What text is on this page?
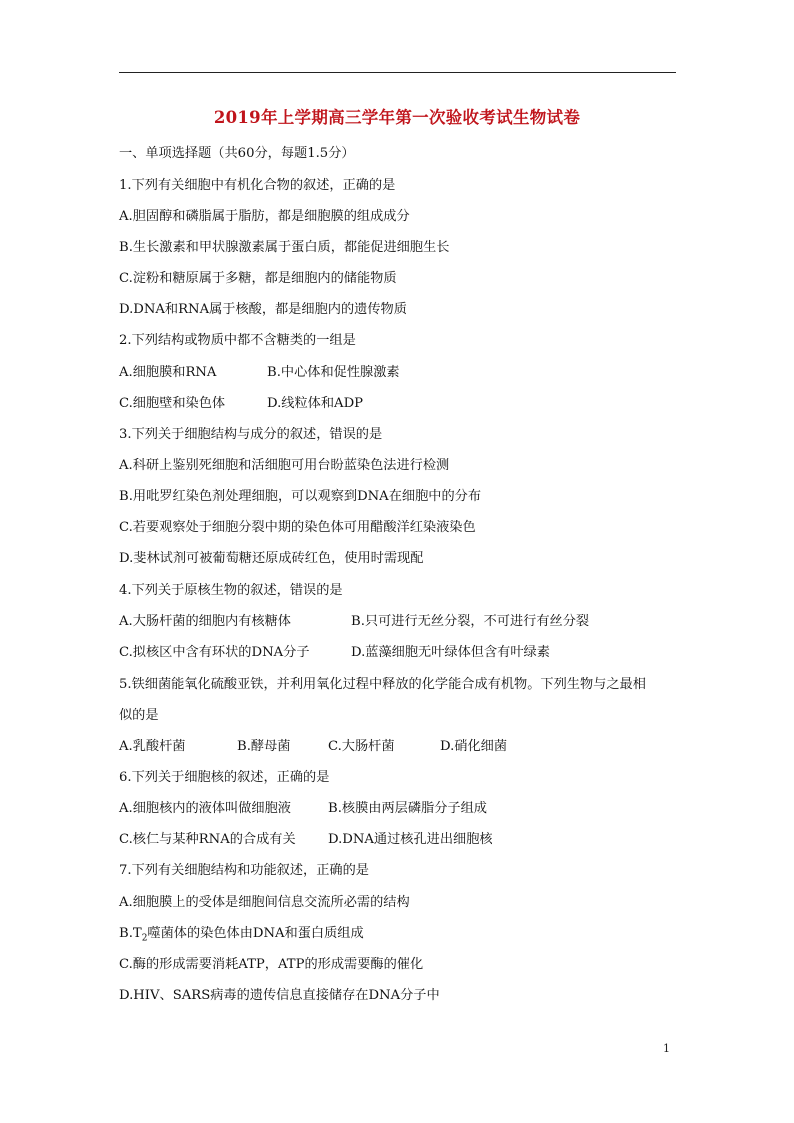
2019年上学期高三学年第一次验收考试生物试卷
一、单项选择题（共60分，每题1.5分）
1.下列有关细胞中有机化合物的叙述，正确的是
A.胆固醇和磷脂属于脂肪，都是细胞膜的组成成分
B.生长激素和甲状腺激素属于蛋白质，都能促进细胞生长
C.淀粉和糖原属于多糖，都是细胞内的储能物质
D.DNA和RNA属于核酸，都是细胞内的遗传物质
2.下列结构或物质中都不含糖类的一组是
A.细胞膜和RNA	B.中心体和促性腺激素
C.细胞壁和染色体	D.线粒体和ADP
3.下列关于细胞结构与成分的叙述，错误的是
A.科研上鉴别死细胞和活细胞可用台盼蓝染色法进行检测
B.用吡罗红染色剂处理细胞，可以观察到DNA在细胞中的分布
C.若要观察处于细胞分裂中期的染色体可用醋酸洋红染液染色
D.斐林试剂可被葡萄糖还原成砖红色，使用时需现配
4.下列关于原核生物的叙述，错误的是
A.大肠杆菌的细胞内有核糖体	B.只可进行无丝分裂，不可进行有丝分裂
C.拟核区中含有环状的DNA分子	D.蓝藻细胞无叶绿体但含有叶绿素
5.铁细菌能氧化硫酸亚铁，并利用氧化过程中释放的化学能合成有机物。下列生物与之最相
似的是
A.乳酸杆菌	B.酵母菌	C.大肠杆菌	D.硝化细菌
6.下列关于细胞核的叙述，正确的是
A.细胞核内的液体叫做细胞液	B.核膜由两层磷脂分子组成
C.核仁与某种RNA的合成有关 D.DNA通过核孔进出细胞核
7.下列有关细胞结构和功能叙述，正确的是
A.细胞膜上的受体是细胞间信息交流所必需的结构
$B.T_2$噬菌体的染色体由DNA和蛋白质组成
C.酶的形成需要消耗ATP，ATP的形成需要酶的催化
D.HIV、SARS病毒的遗传信息直接储存在DNA分子中
1
